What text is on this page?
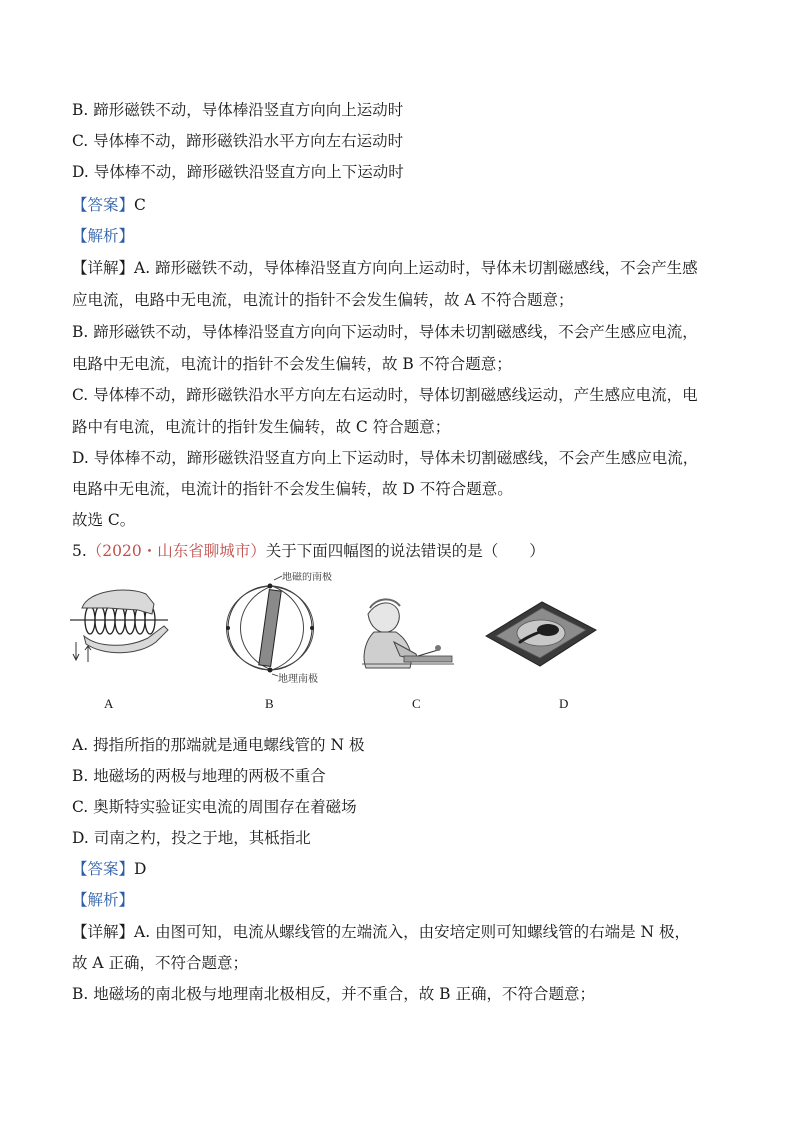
B. 蹄形磁铁不动，导体棒沿竖直方向向上运动时
C. 导体棒不动，蹄形磁铁沿水平方向左右运动时
D. 导体棒不动，蹄形磁铁沿竖直方向上下运动时
【答案】C
【解析】
【详解】A. 蹄形磁铁不动，导体棒沿竖直方向向上运动时，导体未切割磁感线，不会产生感
应电流，电路中无电流，电流计的指针不会发生偏转，故 A 不符合题意；
B. 蹄形磁铁不动，导体棒沿竖直方向向下运动时，导体未切割磁感线，不会产生感应电流，
电路中无电流，电流计的指针不会发生偏转，故 B 不符合题意；
C. 导体棒不动，蹄形磁铁沿水平方向左右运动时，导体切割磁感线运动，产生感应电流，电
路中有电流，电流计的指针发生偏转，故 C 符合题意；
D. 导体棒不动，蹄形磁铁沿竖直方向上下运动时，导体未切割磁感线，不会产生感应电流，
电路中无电流，电流计的指针不会发生偏转，故 D 不符合题意。
故选 C。
5.（2020・山东省聊城市）关于下面四幅图的说法错误的是（　　）
地磁的南极
地理南极
A	B	C	D
A. 拇指所指的那端就是通电螺线管的 N 极
B. 地磁场的两极与地理的两极不重合
C. 奥斯特实验证实电流的周围存在着磁场
D. 司南之杓，投之于地，其柢指北
【答案】D
【解析】
【详解】A. 由图可知，电流从螺线管的左端流入，由安培定则可知螺线管的右端是 N 极，
故 A 正确，不符合题意；
B. 地磁场的南北极与地理南北极相反，并不重合，故 B 正确，不符合题意；
